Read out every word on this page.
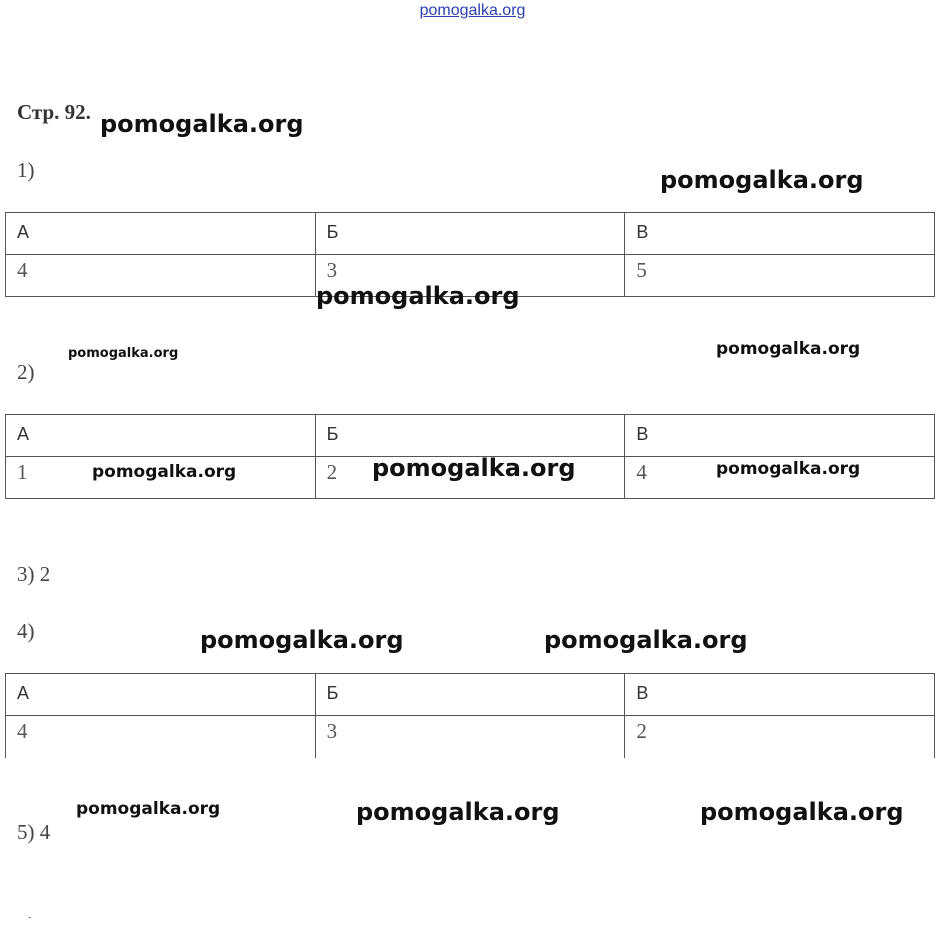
pomogalka.org
Стр. 92.
1)
А	Б	В
4	3	5
2)
А	Б	В
1	2	4
3) 2
4)
А	Б	В
4	3	2
5) 4
pomogalka.org
pomogalka.org
pomogalka.org
pomogalka.org	pomogalka.org
pomogalka.org	pomogalka.org	pomogalka.org
pomogalka.org	pomogalka.org
pomogalka.org	pomogalka.org	pomogalka.org
-
